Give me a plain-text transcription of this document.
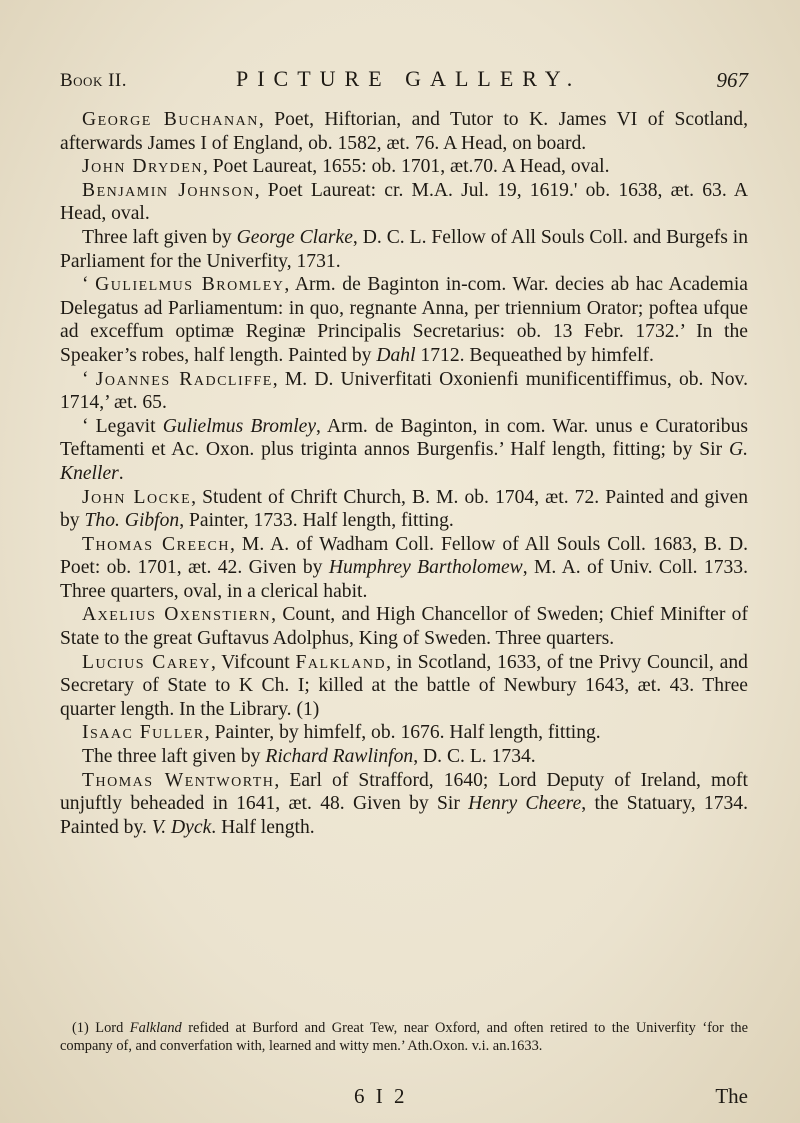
Book II.	PICTURE GALLERY.	967

George Buchanan, Poet, Hiftorian, and Tutor to K. James VI of Scotland, afterwards James I of England, ob. 1582, æt. 76. A Head, on board.

John Dryden, Poet Laureat, 1655: ob. 1701, æt.70. A Head, oval.

Benjamin Johnson, Poet Laureat: cr. M.A. Jul. 19, 1619.' ob. 1638, æt. 63. A Head, oval.

Three laft given by George Clarke, D. C. L. Fellow of All Souls Coll. and Burgefs in Parliament for the Univerfity, 1731.

‘ Gulielmus Bromley, Arm. de Baginton in-com. War. decies ab hac Academia Delegatus ad Parliamentum: in quo, regnante Anna, per triennium Orator; poftea ufque ad exceffum optimæ Reginæ Principalis Secretarius: ob. 13 Febr. 1732.’ In the Speaker’s robes, half length. Painted by Dahl 1712. Bequeathed by himfelf.

‘ Joannes Radcliffe, M. D. Univerfitati Oxonienfi munificentiffimus, ob. Nov. 1714,’ æt. 65.

‘ Legavit Gulielmus Bromley, Arm. de Baginton, in com. War. unus e Curatoribus Teftamenti et Ac. Oxon. plus triginta annos Burgenfis.’ Half length, fitting; by Sir G. Kneller.

John Locke, Student of Chrift Church, B. M. ob. 1704, æt. 72. Painted and given by Tho. Gibfon, Painter, 1733. Half length, fitting.

Thomas Creech, M. A. of Wadham Coll. Fellow of All Souls Coll. 1683, B. D. Poet: ob. 1701, æt. 42. Given by Humphrey Bartholomew, M. A. of Univ. Coll. 1733. Three quarters, oval, in a clerical habit.

Axelius Oxenstiern, Count, and High Chancellor of Sweden; Chief Minifter of State to the great Guftavus Adolphus, King of Sweden. Three quarters.

Lucius Carey, Vifcount Falkland, in Scotland, 1633, of tne Privy Council, and Secretary of State to K Ch. I; killed at the battle of Newbury 1643, æt. 43. Three quarter length. In the Library. (1)

Isaac Fuller, Painter, by himfelf, ob. 1676. Half length, fitting.

The three laft given by Richard Rawlinfon, D. C. L. 1734.

Thomas Wentworth, Earl of Strafford, 1640; Lord Deputy of Ireland, moft unjuftly beheaded in 1641, æt. 48. Given by Sir Henry Cheere, the Statuary, 1734. Painted by. V. Dyck. Half length.

(1) Lord Falkland refided at Burford and Great Tew, near Oxford, and often retired to the Univerfity ‘for the company of, and converfation with, learned and witty men.’ Ath.Oxon. v.i. an.1633.
6 I 2	The
